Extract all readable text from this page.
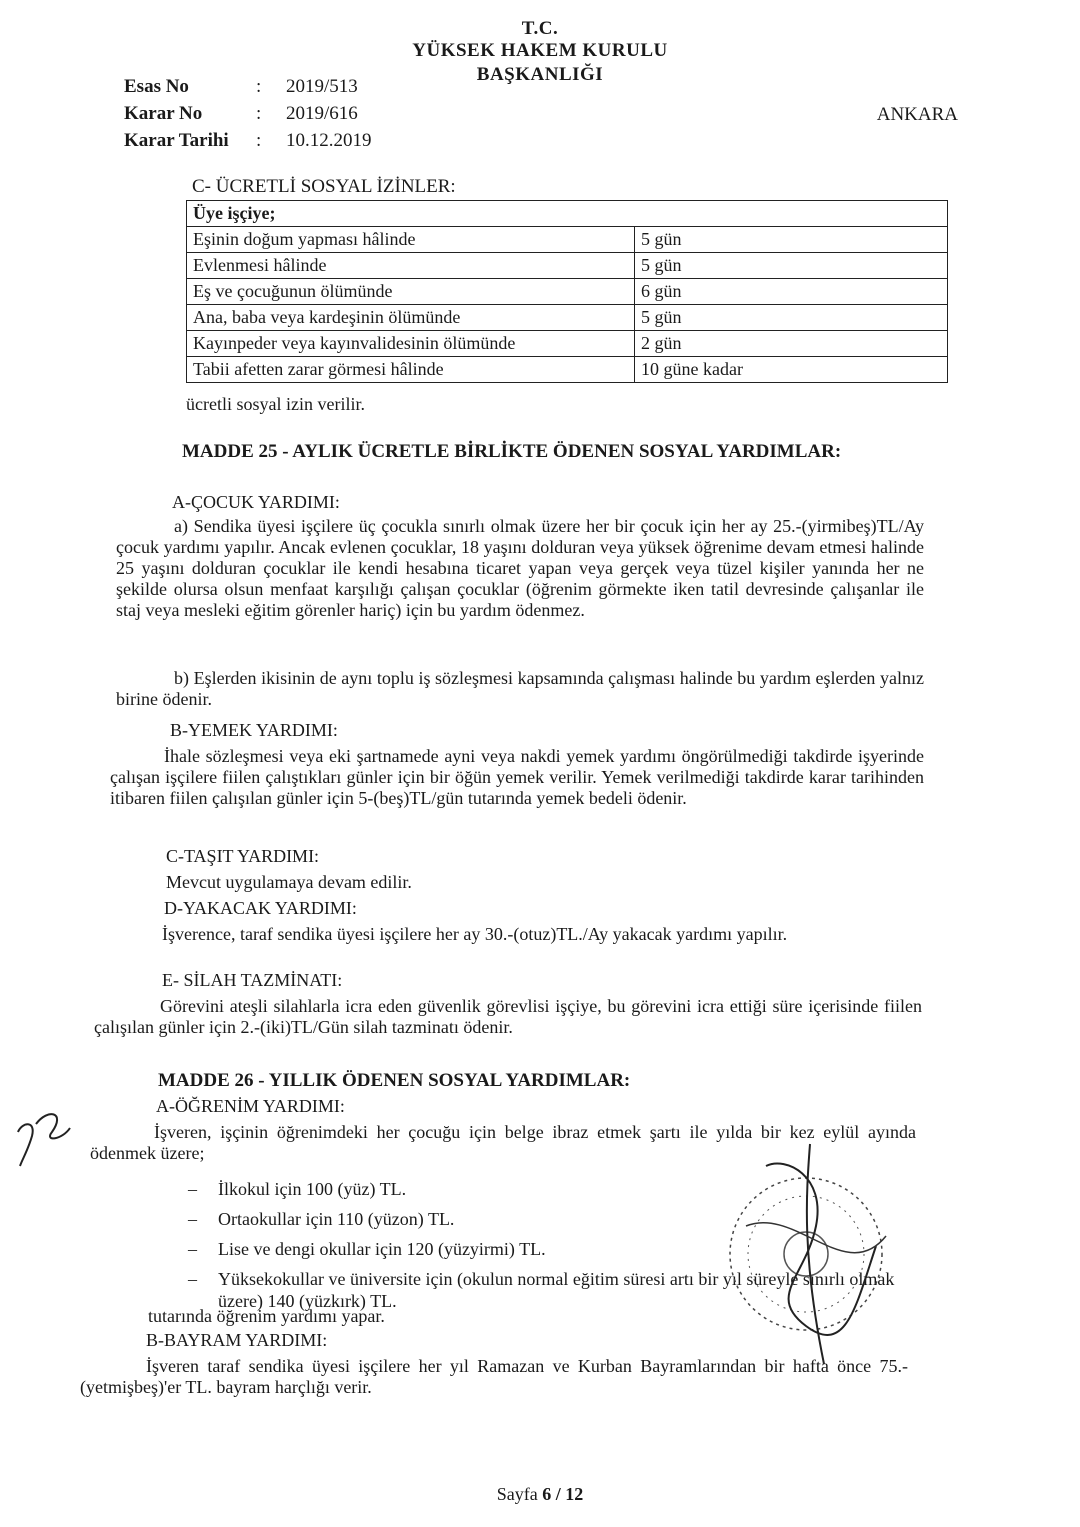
T.C.
YÜKSEK HAKEM KURULU
BAŞKANLIĞI
Esas No	: 2019/513
Karar No	: 2019/616
Karar Tarihi : 10.12.2019
ANKARA
C- ÜCRETLİ SOSYAL İZİNLER:
Üye işçiye;	
Eşinin doğum yapması hâlinde	5 gün
Evlenmesi hâlinde	5 gün
Eş ve çocuğunun ölümünde	6 gün
Ana, baba veya kardeşinin ölümünde	5 gün
Kayınpeder veya kayınvalidesinin ölümünde	2 gün
Tabii afetten zarar görmesi hâlinde	10 güne kadar
ücretli sosyal izin verilir.
MADDE 25 - AYLIK ÜCRETLE BİRLİKTE ÖDENEN SOSYAL YARDIMLAR:
A-ÇOCUK YARDIMI:
a) Sendika üyesi işçilere üç çocukla sınırlı olmak üzere her bir çocuk için her ay 25.-(yirmibeş)TL/Ay çocuk yardımı yapılır. Ancak evlenen çocuklar, 18 yaşını dolduran veya yüksek öğrenime devam etmesi halinde 25 yaşını dolduran çocuklar ile kendi hesabına ticaret yapan veya gerçek veya tüzel kişiler yanında her ne şekilde olursa olsun menfaat karşılığı çalışan çocuklar (öğrenim görmekte iken tatil devresinde çalışanlar ile staj veya mesleki eğitim görenler hariç) için bu yardım ödenmez.
b) Eşlerden ikisinin de aynı toplu iş sözleşmesi kapsamında çalışması halinde bu yardım eşlerden yalnız birine ödenir.
B-YEMEK YARDIMI:
İhale sözleşmesi veya eki şartnamede ayni veya nakdi yemek yardımı öngörülmediği takdirde işyerinde çalışan işçilere fiilen çalıştıkları günler için bir öğün yemek verilir. Yemek verilmediği takdirde karar tarihinden itibaren fiilen çalışılan günler için 5-(beş)TL/gün tutarında yemek bedeli ödenir.
C-TAŞIT YARDIMI:
Mevcut uygulamaya devam edilir.
D-YAKACAK YARDIMI:
İşverence, taraf sendika üyesi işçilere her ay 30.-(otuz)TL./Ay yakacak yardımı yapılır.
E- SİLAH TAZMİNATI:
Görevini ateşli silahlarla icra eden güvenlik görevlisi işçiye, bu görevini icra ettiği süre içerisinde fiilen çalışılan günler için 2.-(iki)TL/Gün silah tazminatı ödenir.
MADDE 26 - YILLIK ÖDENEN SOSYAL YARDIMLAR:
A-ÖĞRENİM YARDIMI:
İşveren, işçinin öğrenimdeki her çocuğu için belge ibraz etmek şartı ile yılda bir kez eylül ayında ödenmek üzere;
– İlkokul için 100 (yüz) TL.
– Ortaokullar için 110 (yüzon) TL.
– Lise ve dengi okullar için 120 (yüzyirmi) TL.
– Yüksekokullar ve üniversite için (okulun normal eğitim süresi artı bir yıl süreyle sınırlı olmak üzere) 140 (yüzkırk) TL.
tutarında öğrenim yardımı yapar.
B-BAYRAM YARDIMI:
İşveren taraf sendika üyesi işçilere her yıl Ramazan ve Kurban Bayramlarından bir hafta önce 75.-(yetmişbeş)'er TL. bayram harçlığı verir.
Sayfa 6 / 12
